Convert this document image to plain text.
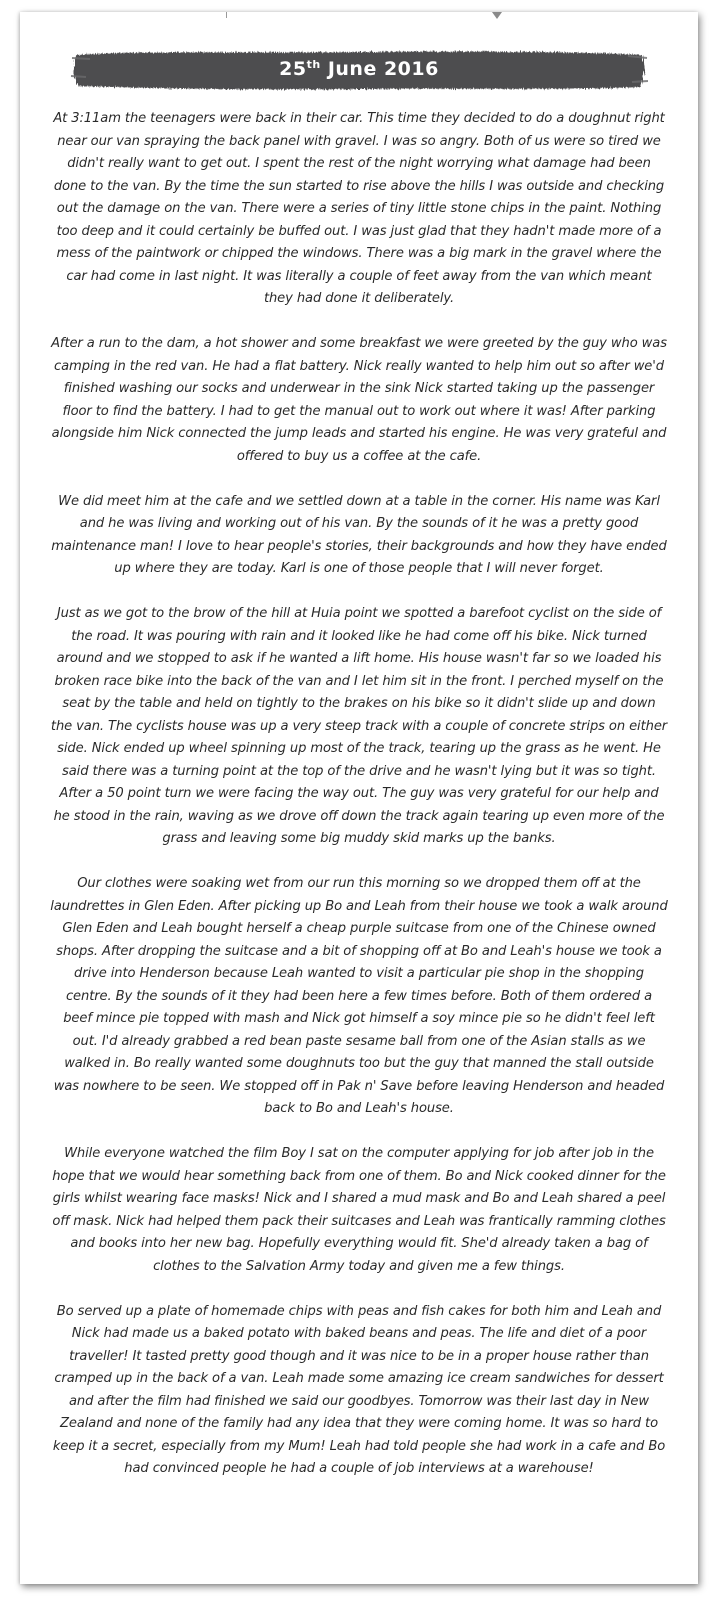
25th June 2016

At 3:11am the teenagers were back in their car. This time they decided to do a doughnut right near our van spraying the back panel with gravel. I was so angry. Both of us were so tired we didn't really want to get out. I spent the rest of the night worrying what damage had been done to the van. By the time the sun started to rise above the hills I was outside and checking out the damage on the van. There were a series of tiny little stone chips in the paint. Nothing too deep and it could certainly be buffed out. I was just glad that they hadn't made more of a mess of the paintwork or chipped the windows. There was a big mark in the gravel where the car had come in last night. It was literally a couple of feet away from the van which meant they had done it deliberately.

After a run to the dam, a hot shower and some breakfast we were greeted by the guy who was camping in the red van. He had a flat battery. Nick really wanted to help him out so after we'd finished washing our socks and underwear in the sink Nick started taking up the passenger floor to find the battery. I had to get the manual out to work out where it was! After parking alongside him Nick connected the jump leads and started his engine. He was very grateful and offered to buy us a coffee at the cafe.

We did meet him at the cafe and we settled down at a table in the corner. His name was Karl and he was living and working out of his van. By the sounds of it he was a pretty good maintenance man! I love to hear people's stories, their backgrounds and how they have ended up where they are today. Karl is one of those people that I will never forget.

Just as we got to the brow of the hill at Huia point we spotted a barefoot cyclist on the side of the road. It was pouring with rain and it looked like he had come off his bike. Nick turned around and we stopped to ask if he wanted a lift home. His house wasn't far so we loaded his broken race bike into the back of the van and I let him sit in the front. I perched myself on the seat by the table and held on tightly to the brakes on his bike so it didn't slide up and down the van. The cyclists house was up a very steep track with a couple of concrete strips on either side. Nick ended up wheel spinning up most of the track, tearing up the grass as he went. He said there was a turning point at the top of the drive and he wasn't lying but it was so tight. After a 50 point turn we were facing the way out. The guy was very grateful for our help and he stood in the rain, waving as we drove off down the track again tearing up even more of the grass and leaving some big muddy skid marks up the banks.

Our clothes were soaking wet from our run this morning so we dropped them off at the laundrettes in Glen Eden. After picking up Bo and Leah from their house we took a walk around Glen Eden and Leah bought herself a cheap purple suitcase from one of the Chinese owned shops. After dropping the suitcase and a bit of shopping off at Bo and Leah's house we took a drive into Henderson because Leah wanted to visit a particular pie shop in the shopping centre. By the sounds of it they had been here a few times before. Both of them ordered a beef mince pie topped with mash and Nick got himself a soy mince pie so he didn't feel left out. I'd already grabbed a red bean paste sesame ball from one of the Asian stalls as we walked in. Bo really wanted some doughnuts too but the guy that manned the stall outside was nowhere to be seen. We stopped off in Pak n' Save before leaving Henderson and headed back to Bo and Leah's house.

While everyone watched the film Boy I sat on the computer applying for job after job in the hope that we would hear something back from one of them. Bo and Nick cooked dinner for the girls whilst wearing face masks! Nick and I shared a mud mask and Bo and Leah shared a peel off mask. Nick had helped them pack their suitcases and Leah was frantically ramming clothes and books into her new bag. Hopefully everything would fit. She'd already taken a bag of clothes to the Salvation Army today and given me a few things.

Bo served up a plate of homemade chips with peas and fish cakes for both him and Leah and Nick had made us a baked potato with baked beans and peas. The life and diet of a poor traveller! It tasted pretty good though and it was nice to be in a proper house rather than cramped up in the back of a van. Leah made some amazing ice cream sandwiches for dessert and after the film had finished we said our goodbyes. Tomorrow was their last day in New Zealand and none of the family had any idea that they were coming home. It was so hard to keep it a secret, especially from my Mum! Leah had told people she had work in a cafe and Bo had convinced people he had a couple of job interviews at a warehouse!
